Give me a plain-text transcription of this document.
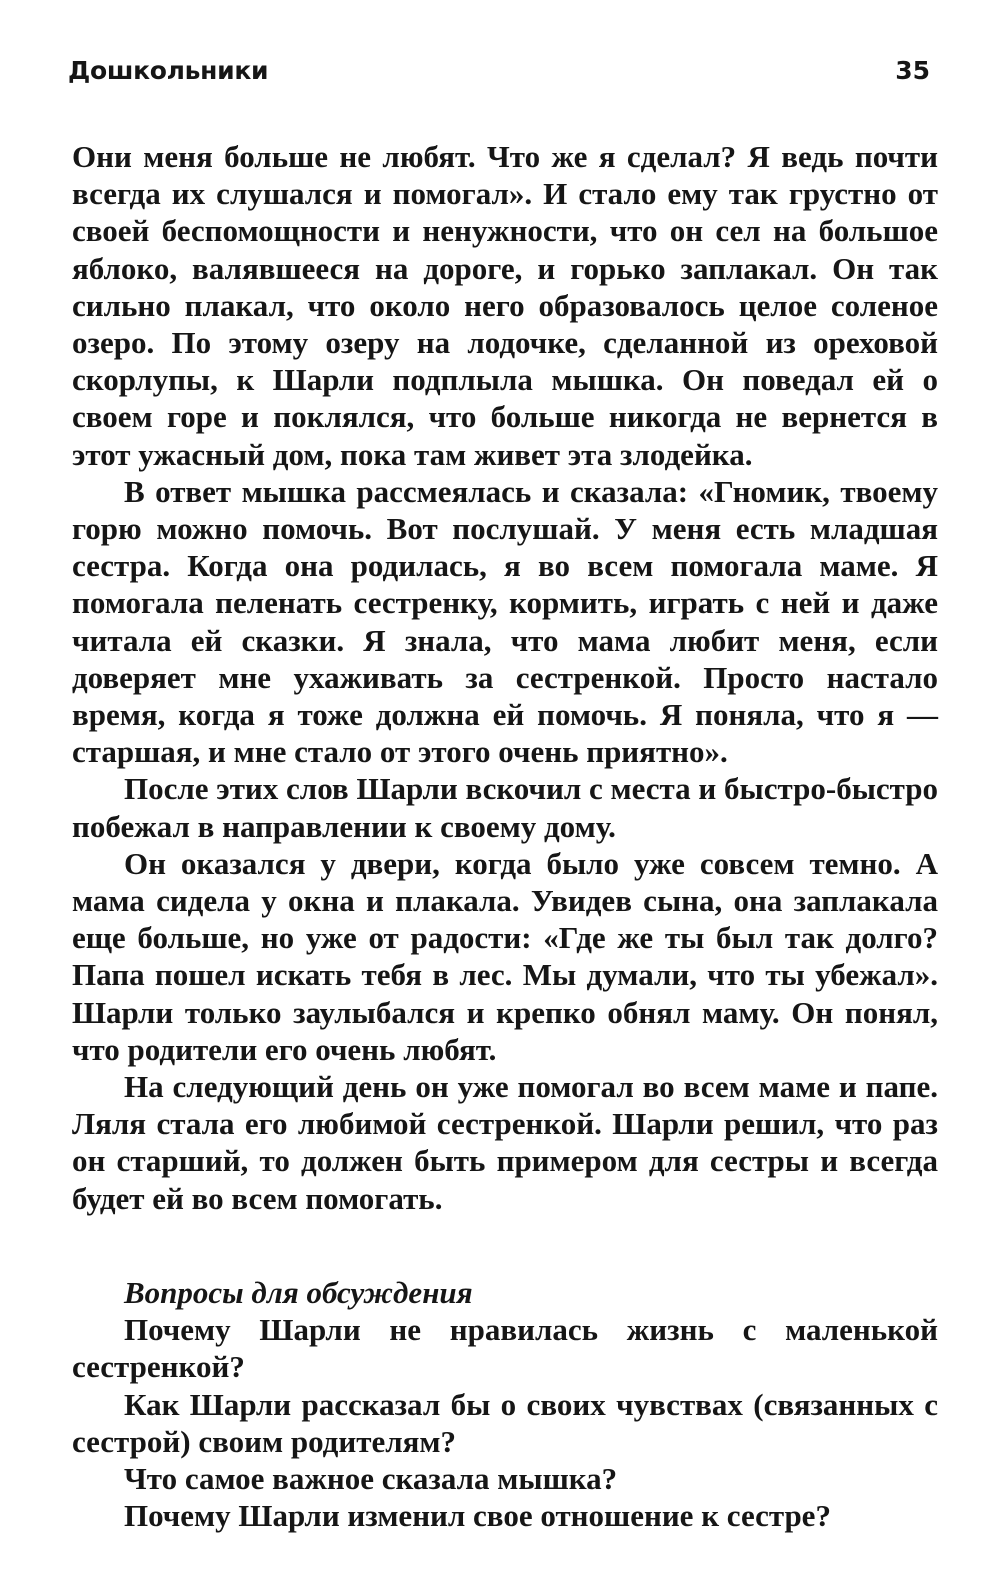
Дошкольники	35

Они меня больше не любят. Что же я сделал? Я ведь почти всегда их слушался и помогал». И стало ему так грустно от своей беспомощности и ненужности, что он сел на большое яблоко, валявшееся на дороге, и горько заплакал. Он так сильно плакал, что около него образовалось целое соленое озеро. По этому озеру на лодочке, сделанной из ореховой скорлупы, к Шарли подплыла мышка. Он поведал ей о своем горе и поклялся, что больше никогда не вернется в этот ужасный дом, пока там живет эта злодейка.

В ответ мышка рассмеялась и сказала: «Гномик, твоему горю можно помочь. Вот послушай. У меня есть младшая сестра. Когда она родилась, я во всем помогала маме. Я помогала пеленать сестренку, кормить, играть с ней и даже читала ей сказки. Я знала, что мама любит меня, если доверяет мне ухаживать за сестренкой. Просто настало время, когда я тоже должна ей помочь. Я поняла, что я — старшая, и мне стало от этого очень приятно».

После этих слов Шарли вскочил с места и быстро-быстро побежал в направлении к своему дому.

Он оказался у двери, когда было уже совсем темно. А мама сидела у окна и плакала. Увидев сына, она заплакала еще больше, но уже от радости: «Где же ты был так долго? Папа пошел искать тебя в лес. Мы думали, что ты убежал». Шарли только заулыбался и крепко обнял маму. Он понял, что родители его очень любят.

На следующий день он уже помогал во всем маме и папе. Ляля стала его любимой сестренкой. Шарли решил, что раз он старший, то должен быть примером для сестры и всегда будет ей во всем помогать.

Вопросы для обсуждения

Почему Шарли не нравилась жизнь с маленькой сестренкой?
Как Шарли рассказал бы о своих чувствах (связанных с сестрой) своим родителям?
Что самое важное сказала мышка?
Почему Шарли изменил свое отношение к сестре?
